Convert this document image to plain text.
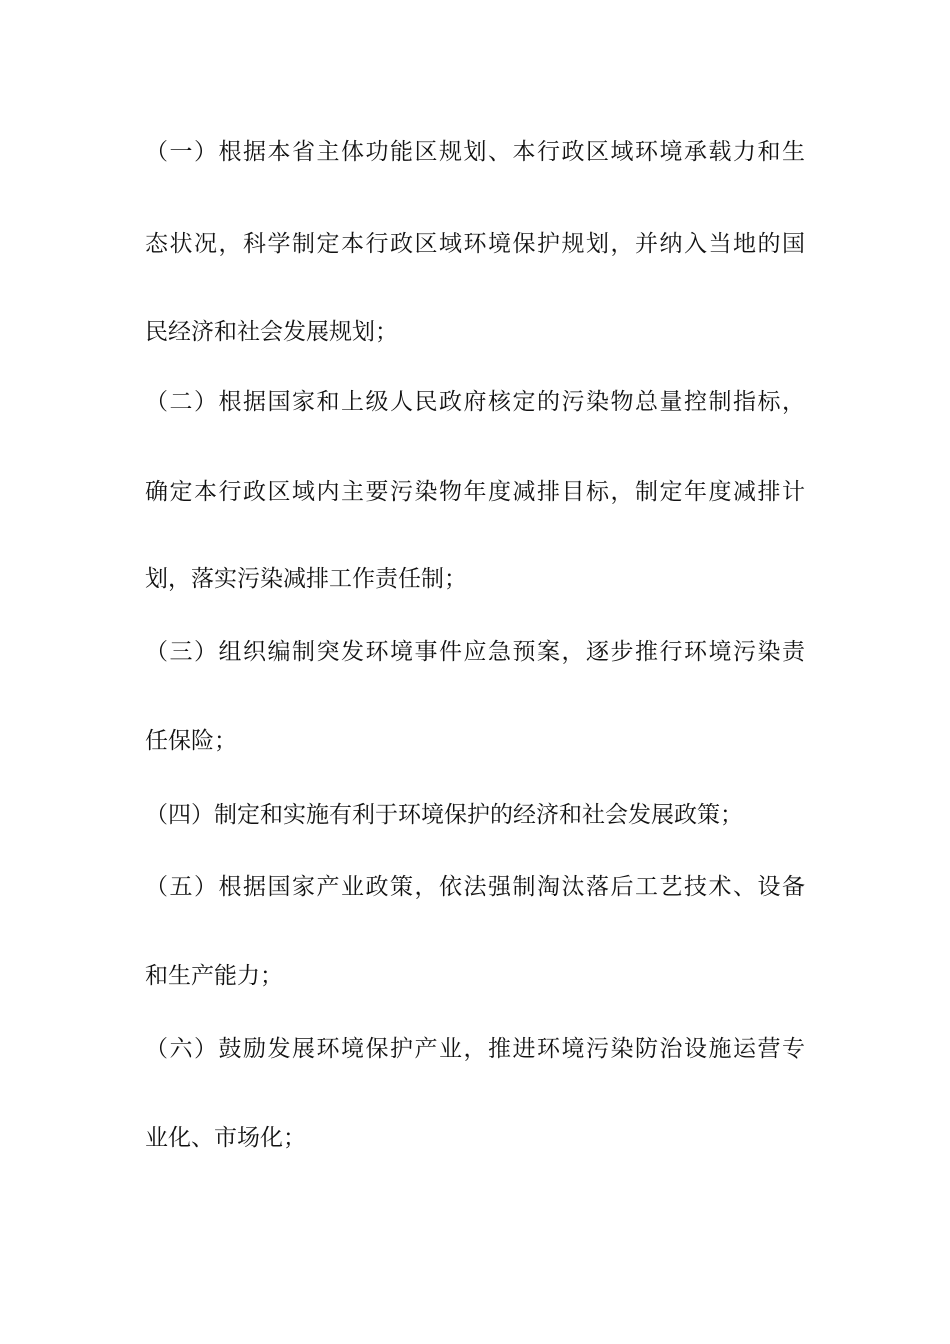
（一）根据本省主体功能区规划、本行政区域环境承载力和生
态状况，科学制定本行政区域环境保护规划，并纳入当地的国
民经济和社会发展规划；
（二）根据国家和上级人民政府核定的污染物总量控制指标，
确定本行政区域内主要污染物年度减排目标，制定年度减排计
划，落实污染减排工作责任制；
（三）组织编制突发环境事件应急预案，逐步推行环境污染责
任保险；
（四）制定和实施有利于环境保护的经济和社会发展政策；
（五）根据国家产业政策，依法强制淘汰落后工艺技术、设备
和生产能力；
（六）鼓励发展环境保护产业，推进环境污染防治设施运营专
业化、市场化；
